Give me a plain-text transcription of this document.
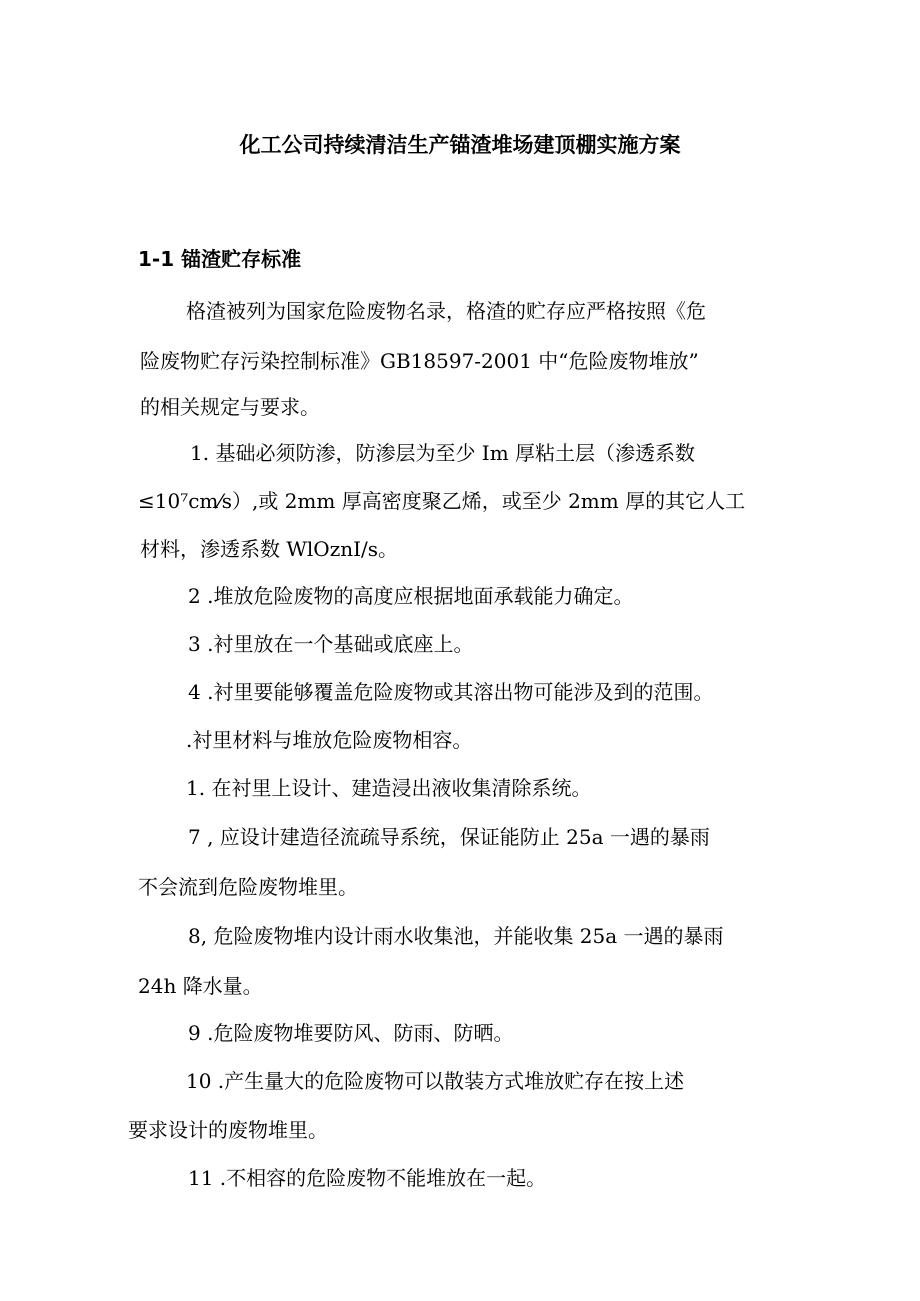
化工公司持续清洁生产锚渣堆场建顶棚实施方案
1-1 锚渣贮存标准
格渣被列为国家危险废物名录，格渣的贮存应严格按照《危
险废物贮存污染控制标准》GB18597-2001 中“危险废物堆放”
的相关规定与要求。
1. 基础必须防渗，防渗层为至少 Im 厚粘土层（渗透系数
≤10⁷cm⁄s）,或 2mm 厚高密度聚乙烯，或至少 2mm 厚的其它人工
材料，渗透系数 WlOznI/s。
2 .堆放危险废物的高度应根据地面承载能力确定。
3 .衬里放在一个基础或底座上。
4 .衬里要能够覆盖危险废物或其溶出物可能涉及到的范围。
.衬里材料与堆放危险废物相容。
1. 在衬里上设计、建造浸出液收集清除系统。
7 , 应设计建造径流疏导系统，保证能防止 25a 一遇的暴雨
不会流到危险废物堆里。
8, 危险废物堆内设计雨水收集池，并能收集 25a 一遇的暴雨
24h 降水量。
9 .危险废物堆要防风、防雨、防晒。
10 .产生量大的危险废物可以散装方式堆放贮存在按上述
要求设计的废物堆里。
11 .不相容的危险废物不能堆放在一起。
